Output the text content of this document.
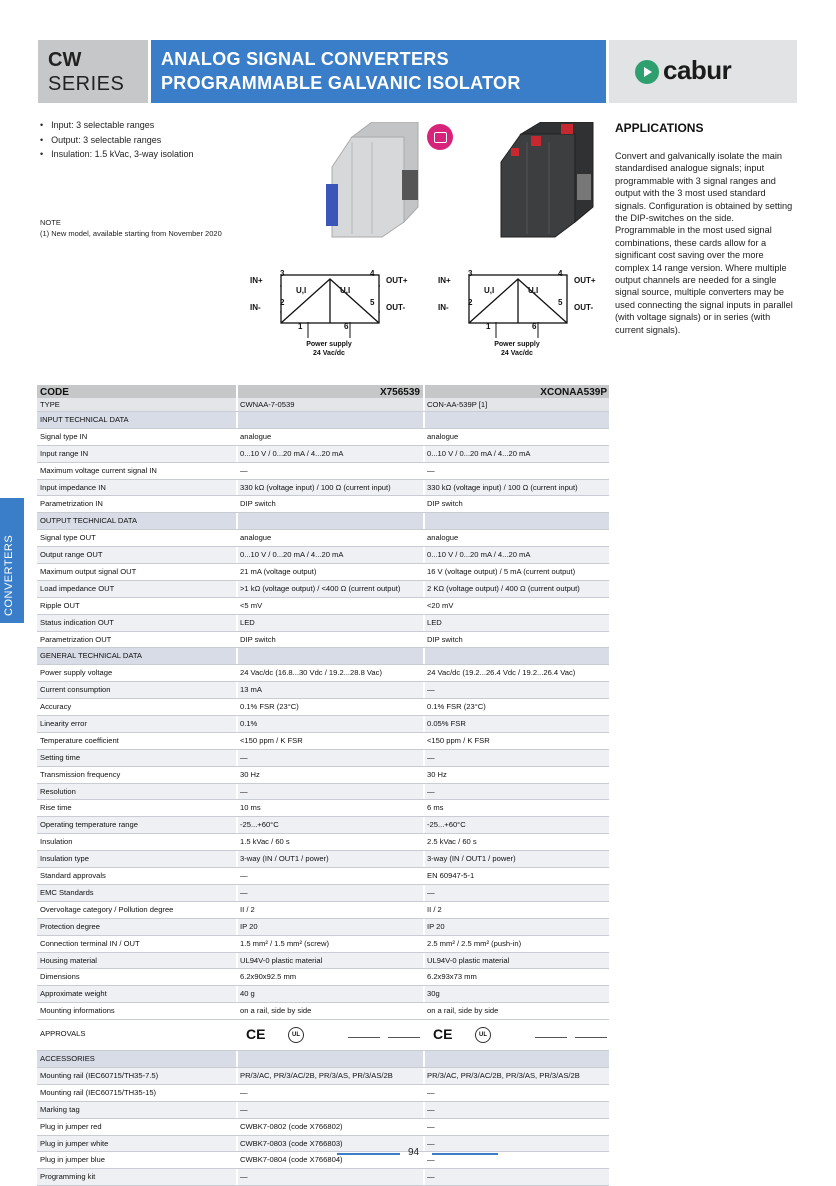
CW
SERIES
ANALOG SIGNAL CONVERTERS
PROGRAMMABLE GALVANIC ISOLATOR	cabur
• Input: 3 selectable ranges
• Output: 3 selectable ranges
• Insulation: 1.5 kVac, 3-way isolation
NOTE
(1) New model, available starting from November 2020
IN+
3
IN-
2
U,I	U,I
4
OUT+
5
OUT-
1	6
Power supply
24 Vac/dc
IN+
3
IN-
2
U,I	U,I
4
OUT+
5
OUT-
1	6
Power supply
24 Vac/dc
APPLICATIONS
Convert and galvanically isolate the main standardised analogue signals; input programmable with 3 signal ranges and output with the 3 most used standard signals. Configuration is obtained by setting the DIP-switches on the side. Programmable in the most used signal combinations, these cards allow for a significant cost saving over the more complex 14 range version. Where multiple output channels are needed for a single signal source, multiple converters may be used connecting the signal inputs in parallel (with voltage signals) or in series (with current signals).
CONVERTERS
CODE	X756539	XCONAA539P
TYPE	CWNAA-7-0539	CON-AA-539P [1]
INPUT TECHNICAL DATA
Signal type IN	analogue	analogue
Input range IN	0...10 V / 0...20 mA / 4...20 mA	0...10 V / 0...20 mA / 4...20 mA
Maximum voltage current signal IN	—	—
Input impedance IN	330 kΩ (voltage input) / 100 Ω (current input)	330 kΩ (voltage input) / 100 Ω (current input)
Parametrization IN	DIP switch	DIP switch
OUTPUT TECHNICAL DATA
Signal type OUT	analogue	analogue
Output range OUT	0...10 V / 0...20 mA / 4...20 mA	0...10 V / 0...20 mA / 4...20 mA
Maximum output signal OUT	21 mA (voltage output)	16 V (voltage output) / 5 mA (current output)
Load impedance OUT	>1 kΩ (voltage output) / <400 Ω (current output)	2 KΩ (voltage output) / 400 Ω (current output)
Ripple OUT	<5 mV	<20 mV
Status indication OUT	LED	LED
Parametrization OUT	DIP switch	DIP switch
GENERAL TECHNICAL DATA
Power supply voltage	24 Vac/dc (16.8...30 Vdc / 19.2...28.8 Vac)	24 Vac/dc (19.2...26.4 Vdc / 19.2...26.4 Vac)
Current consumption	13 mA	—
Accuracy	0.1% FSR (23°C)	0.1% FSR (23°C)
Linearity error	0.1%	0.05% FSR
Temperature coefficient	<150 ppm / K FSR	<150 ppm / K FSR
Setting time	—	—
Transmission frequency	30 Hz	30 Hz
Resolution	—	—
Rise time	10 ms	6 ms
Operating temperature range	-25...+60°C	-25...+60°C
Insulation	1.5 kVac / 60 s	2.5 kVac / 60 s
Insulation type	3-way (IN / OUT1 / power)	3-way (IN / OUT1 / power)
Standard approvals	—	EN 60947-5-1
EMC Standards	—	—
Overvoltage category / Pollution degree	II / 2	II / 2
Protection degree	IP 20	IP 20
Connection terminal IN / OUT	1.5 mm² / 1.5 mm² (screw)	2.5 mm² / 2.5 mm² (push-in)
Housing material	UL94V-0 plastic material	UL94V-0 plastic material
Dimensions	6.2x90x92.5 mm	6.2x93x73 mm
Approximate weight	40 g	30g
Mounting informations	on a rail, side by side	on a rail, side by side
APPROVALS	CE	UL	CE	UL
ACCESSORIES
Mounting rail (IEC60715/TH35-7.5)	PR/3/AC, PR/3/AC/2B, PR/3/AS, PR/3/AS/2B	PR/3/AC, PR/3/AC/2B, PR/3/AS, PR/3/AS/2B
Mounting rail (IEC60715/TH35-15)	—	—
Marking tag	—	—
Plug in jumper red	CWBK7-0802 (code X766802)	—
Plug in jumper white	CWBK7-0803 (code X766803)	—
Plug in jumper blue	CWBK7-0804 (code X766804)	—
Programming kit	—	—
94
